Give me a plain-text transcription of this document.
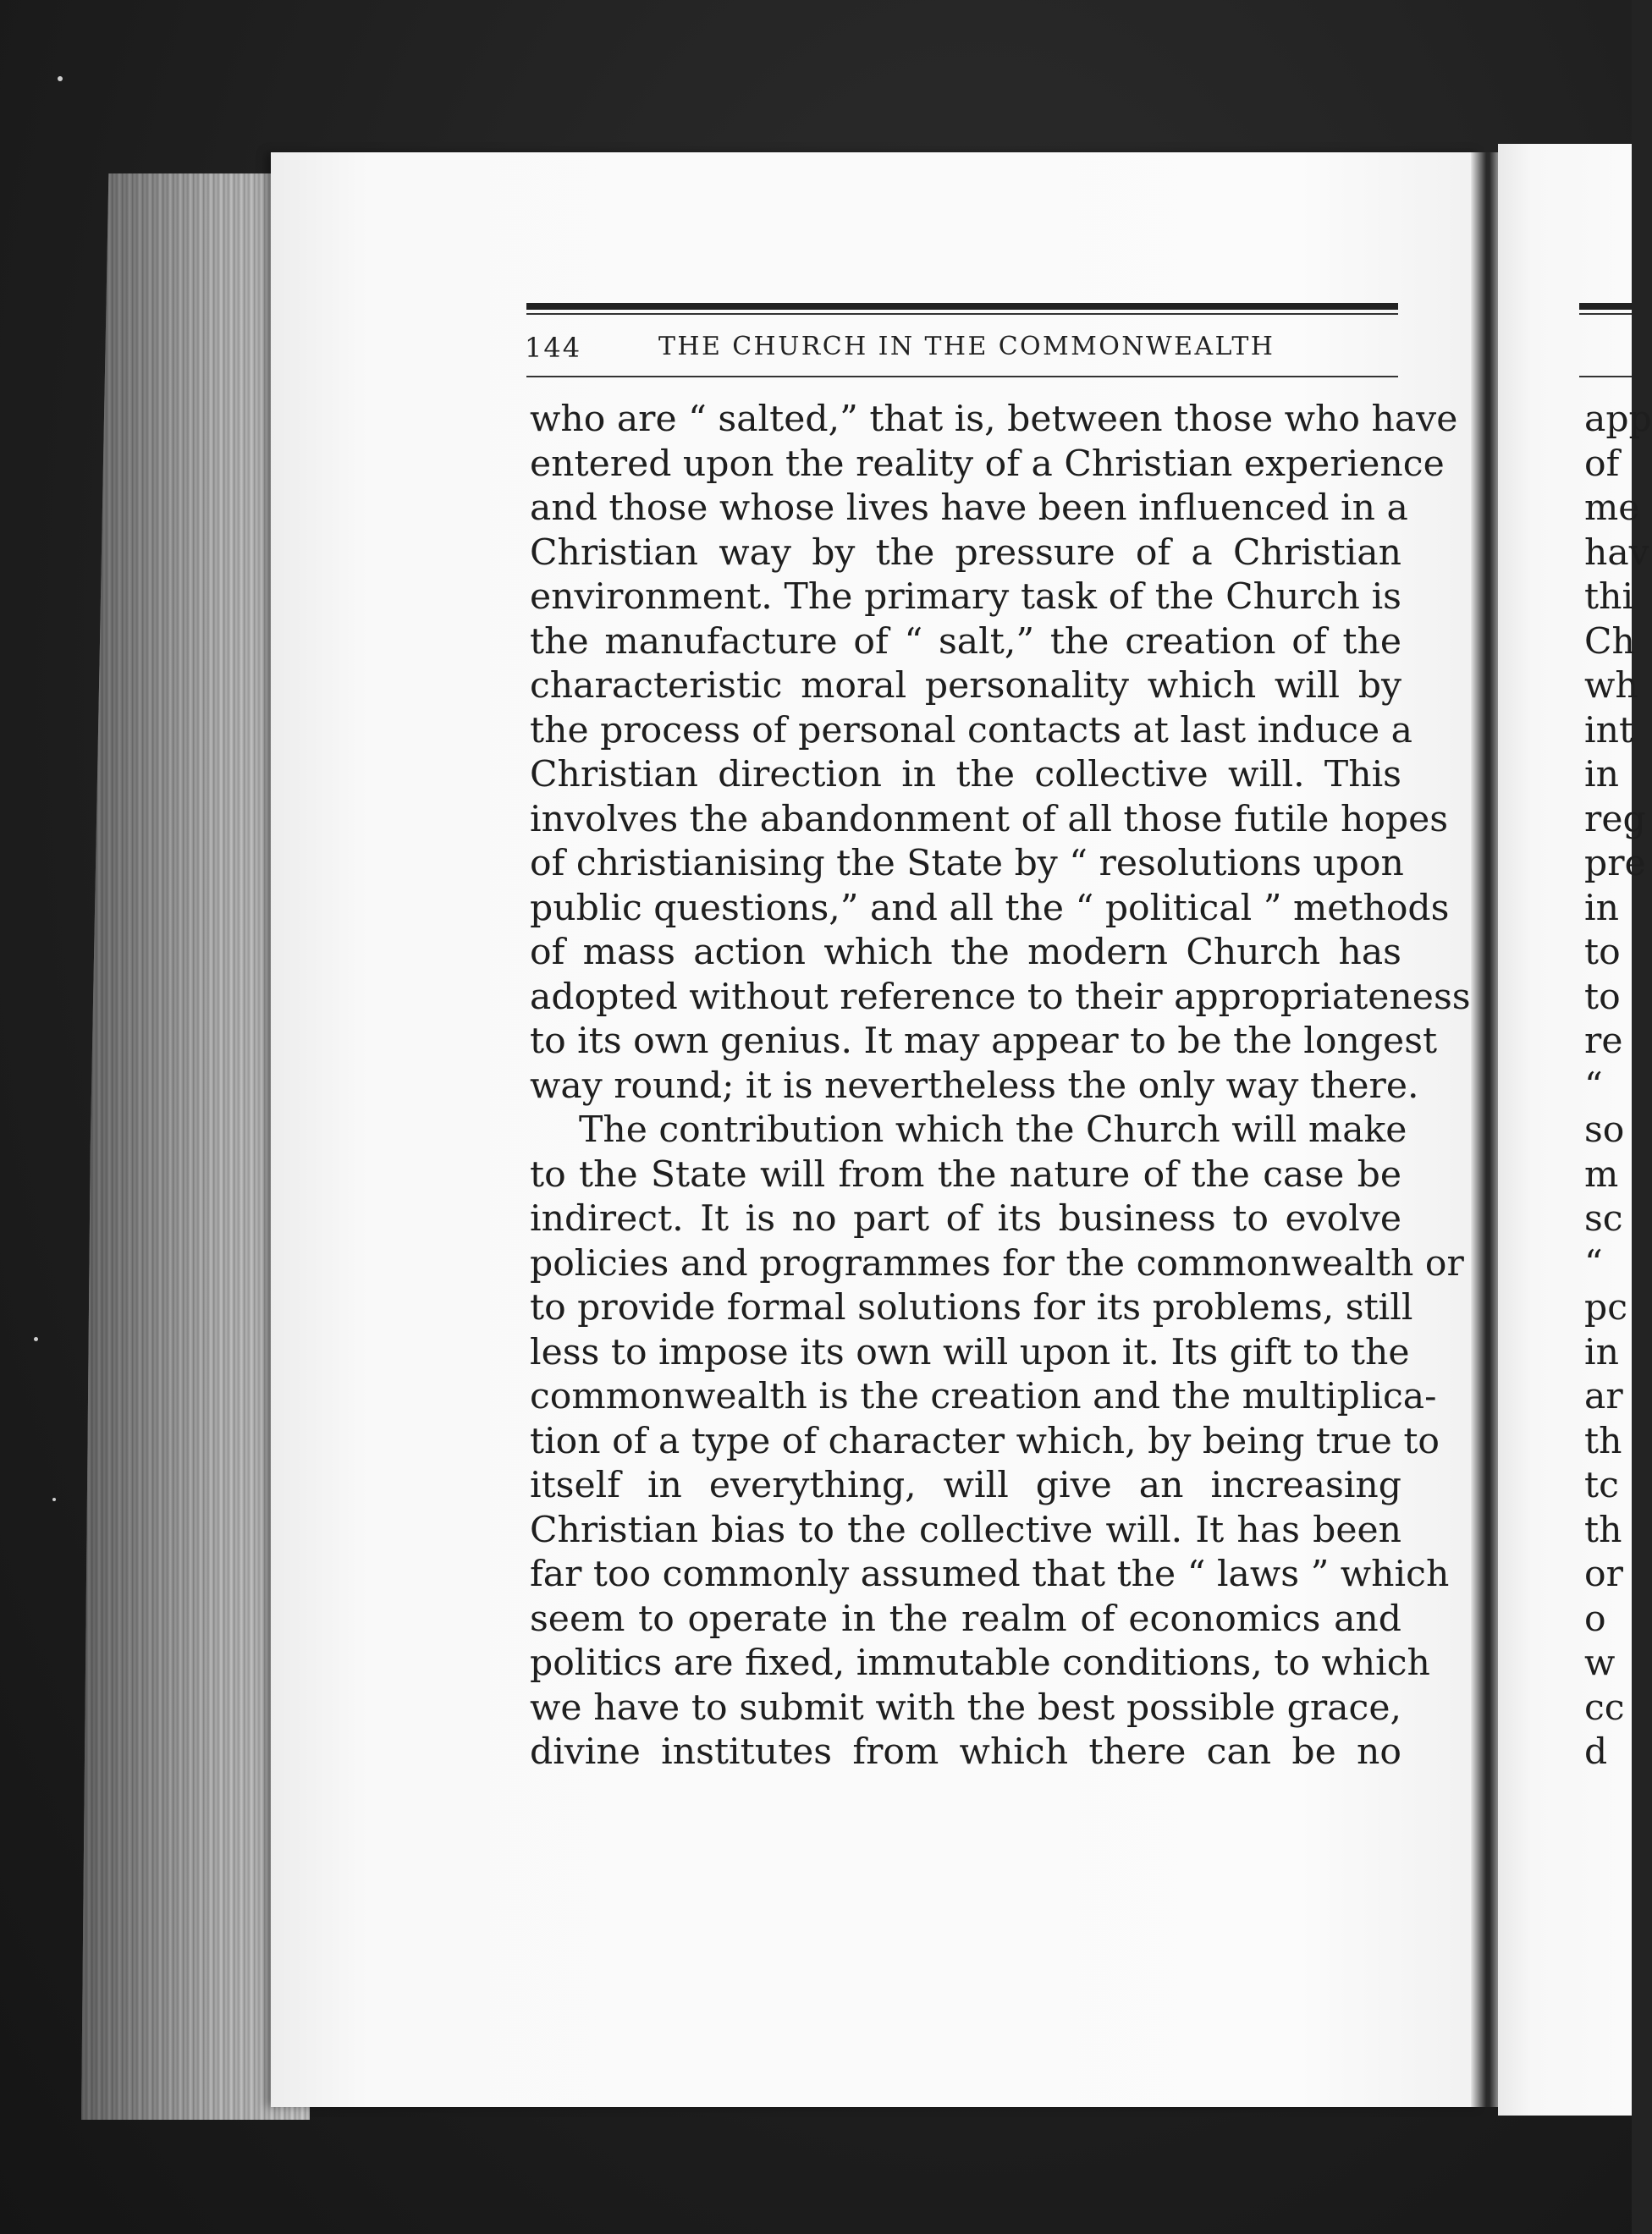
144	THE CHURCH IN THE COMMONWEALTH
who are “ salted,” that is, between those who have
entered upon the reality of a Christian experience
and those whose lives have been influenced in a
Christian way by the pressure of a Christian
environment. The primary task of the Church is
the manufacture of “ salt,” the creation of the
characteristic moral personality which will by
the process of personal contacts at last induce a
Christian direction in the collective will. This
involves the abandonment of all those futile hopes
of christianising the State by “ resolutions upon
public questions,” and all the “ political ” methods
of mass action which the modern Church has
adopted without reference to their appropriateness
to its own genius. It may appear to be the longest
way round; it is nevertheless the only way there.
The contribution which the Church will make
to the State will from the nature of the case be
indirect. It is no part of its business to evolve
policies and programmes for the commonwealth or
to provide formal solutions for its problems, still
less to impose its own will upon it. Its gift to the
commonwealth is the creation and the multiplica-
tion of a type of character which, by being true to
itself in everything, will give an increasing
Christian bias to the collective will. It has been
far too commonly assumed that the “ laws ” which
seem to operate in the realm of economics and
politics are fixed, immutable conditions, to which
we have to submit with the best possible grace,
divine institutes from which there can be no
app
of
me
hav
thi
Ch
wh
int
in
reg
pre
in
to
to
re
“
so
m
sc
“
pc
in
ar
th
tc
th
or
o
w
cc
d
